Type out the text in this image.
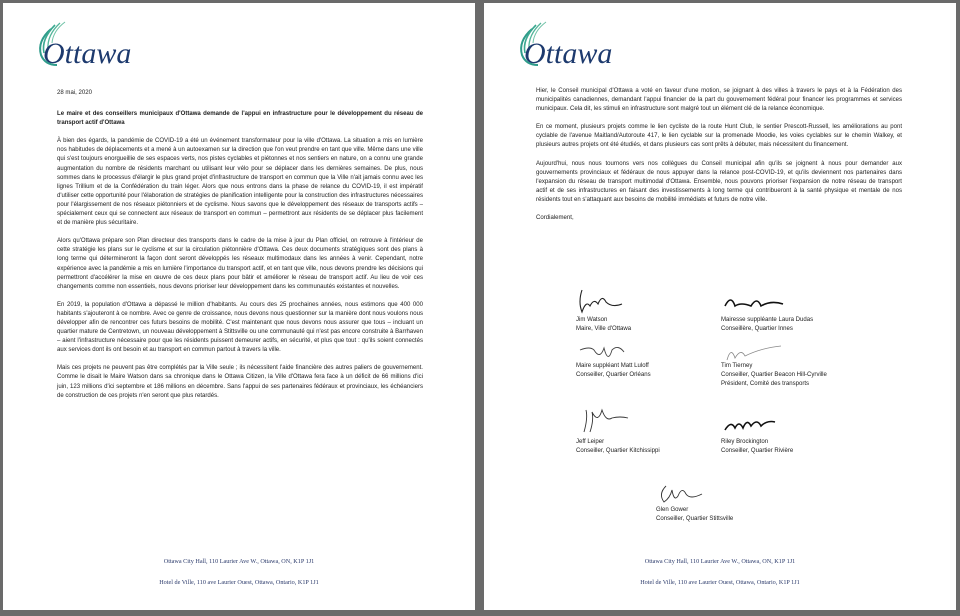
Ottawa
28 mai, 2020
Le maire et des conseillers municipaux d'Ottawa demande de l'appui en infrastructure pour le développement du réseau de transport actif d'Ottawa

À bien des égards, la pandémie de COVID-19 a été un événement transformateur pour la ville d'Ottawa. La situation a mis en lumière nos habitudes de déplacements et a mené à un autoexamen sur la direction que l'on veut prendre en tant que ville. Même dans une ville qui s'est toujours enorgueillie de ses espaces verts, nos pistes cyclables et piétonnes et nos sentiers en nature, on a connu une grande augmentation du nombre de résidents marchant ou utilisant leur vélo pour se déplacer dans les dernières semaines. De plus, nous sommes dans le processus d'élargir le plus grand projet d'infrastructure de transport en commun que la Ville n'ait jamais connu avec les lignes Trillium et de la Confédération du train léger. Alors que nous entrons dans la phase de relance du COVID-19, il est impératif d'utiliser cette opportunité pour l'élaboration de stratégies de planification intelligente pour la construction des infrastructures nécessaires pour l'élargissement de nos réseaux piétonniers et de cyclisme. Nous savons que le développement des réseaux de transports actifs – spécialement ceux qui se connectent aux réseaux de transport en commun – permettront aux résidents de se déplacer plus facilement et de manière plus sécuritaire.

Alors qu'Ottawa prépare son Plan directeur des transports dans le cadre de la mise à jour du Plan officiel, on retrouve à l'intérieur de cette stratégie les plans sur le cyclisme et sur la circulation piétonnière d'Ottawa. Ces deux documents stratégiques sont des plans à long terme qui détermineront la façon dont seront développés les réseaux multimodaux dans les années à venir. Cependant, notre expérience avec la pandémie a mis en lumière l'importance du transport actif, et en tant que ville, nous devons prendre les décisions qui permettront d'accélérer la mise en œuvre de ces deux plans pour bâtir et améliorer le réseau de transport actif. Au lieu de voir ces changements comme non essentiels, nous devons prioriser leur développement dans les communautés existantes et nouvelles.

En 2019, la population d'Ottawa a dépassé le million d'habitants. Au cours des 25 prochaines années, nous estimons que 400 000 habitants s'ajouteront à ce nombre. Avec ce genre de croissance, nous devons nous questionner sur la manière dont nous voulons nous développer afin de rencontrer ces futurs besoins de mobilité. C'est maintenant que nous devons nous assurer que tous – incluant un quartier mature de Centretown, un nouveau développement à Stittsville ou une communauté qui n'est pas encore construite à Barrhaven – aient l'infrastructure nécessaire pour que les résidents puissent demeurer actifs, en sécurité, et plus que tout : qu'ils soient connectés aux services dont ils ont besoin et au transport en commun partout à travers la ville.

Mais ces projets ne peuvent pas être complétés par la Ville seule ; ils nécessitent l'aide financière des autres paliers de gouvernement. Comme le disait le Maire Watson dans sa chronique dans le Ottawa Citizen, la Ville d'Ottawa fera face à un déficit de 66 millions d'ici juin, 123 millions d'ici septembre et 186 millions en décembre. Sans l'appui de ses partenaires fédéraux et provinciaux, les échéanciers de construction de ces projets n'en seront que plus retardés.

Ottawa City Hall, 110 Laurier Ave W., Ottawa, ON, K1P 1J1
Hotel de Ville, 110 ave Laurier Ouest, Ottawa, Ontario, K1P 1J1
Ottawa

Hier, le Conseil municipal d'Ottawa a voté en faveur d'une motion, se joignant à des villes à travers le pays et à la Fédération des municipalités canadiennes, demandant l'appui financier de la part du gouvernement fédéral pour financer les programmes et services municipaux. Cela dit, les stimuli en infrastructure sont malgré tout un élément clé de la relance économique.

En ce moment, plusieurs projets comme le lien cycliste de la route Hunt Club, le sentier Prescott-Russell, les améliorations au pont cyclable de l'avenue Maitland/Autoroute 417, le lien cyclable sur la promenade Moodie, les voies cyclables sur le chemin Walkey, et plusieurs autres projets ont été étudiés, et dans plusieurs cas sont prêts à débuter, mais nécessitent du financement.

Aujourd'hui, nous nous tournons vers nos collègues du Conseil municipal afin qu'ils se joignent à nous pour demander aux gouvernements provinciaux et fédéraux de nous appuyer dans la relance post-COVID-19, et qu'ils deviennent nos partenaires dans l'expansion du réseau de transport multimodal d'Ottawa. Ensemble, nous pouvons prioriser l'expansion de notre réseau de transport actif et de ses infrastructures en faisant des investissements à long terme qui contribueront à la santé physique et mentale de nos résidents tout en s'attaquant aux besoins de mobilité immédiats et futurs de notre ville.

Cordialement,
Jim Watson
Maire, Ville d'Ottawa
Mairesse suppléante Laura Dudas
Conseillère, Quartier Innes
Maire suppléant Matt Luloff
Conseiller, Quartier Orléans
Tim Tierney
Conseiller, Quartier Beacon Hill-Cyrville
Président, Comité des transports
Jeff Leiper
Conseiller, Quartier Kitchissippi
Riley Brockington
Conseiller, Quartier Rivière
Glen Gower
Conseiller, Quartier Stittsville
Ottawa City Hall, 110 Laurier Ave W., Ottawa, ON, K1P 1J1
Hotel de Ville, 110 ave Laurier Ouest, Ottawa, Ontario, K1P 1J1
